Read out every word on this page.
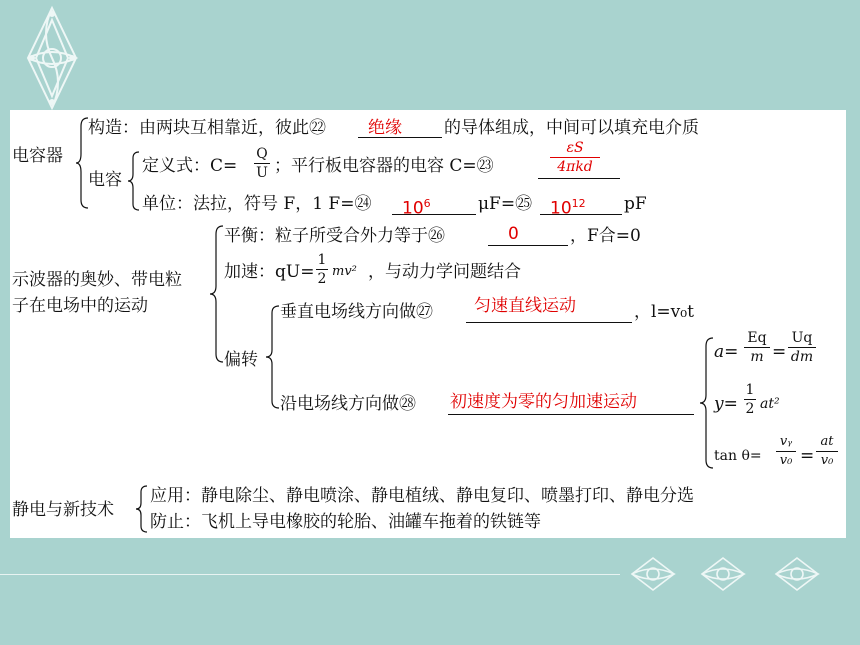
电容器
构造：由两块互相靠近，彼此㉒ 绝缘 的导体组成，中间可以填充电介质
电容
定义式：C=
Q
U ；平行板电容器的电容 C=㉓
εS
4πkd
单位：法拉，符号 F，1 F=㉔ $10^6$	μF=㉕ $10^{12}$ pF
示波器的奥妙、带电粒
子在电场中的运动
平衡：粒子所受合外力等于㉖	0	，F合=0
加速：qU=
1
2 mv² ，与动力学问题结合
偏转
垂直电场线方向做㉗ 匀速直线运动	，l=v₀t
沿电场线方向做㉘ 初速度为零的匀加速运动
a=
Eq
m =
Uq
dm
y=
1
2 at²
tan θ=
vᵧ
v₀ =
at
v₀
静电与新技术
应用：静电除尘、静电喷涂、静电植绒、静电复印、喷墨打印、静电分选
防止：飞机上导电橡胶的轮胎、油罐车拖着的铁链等
